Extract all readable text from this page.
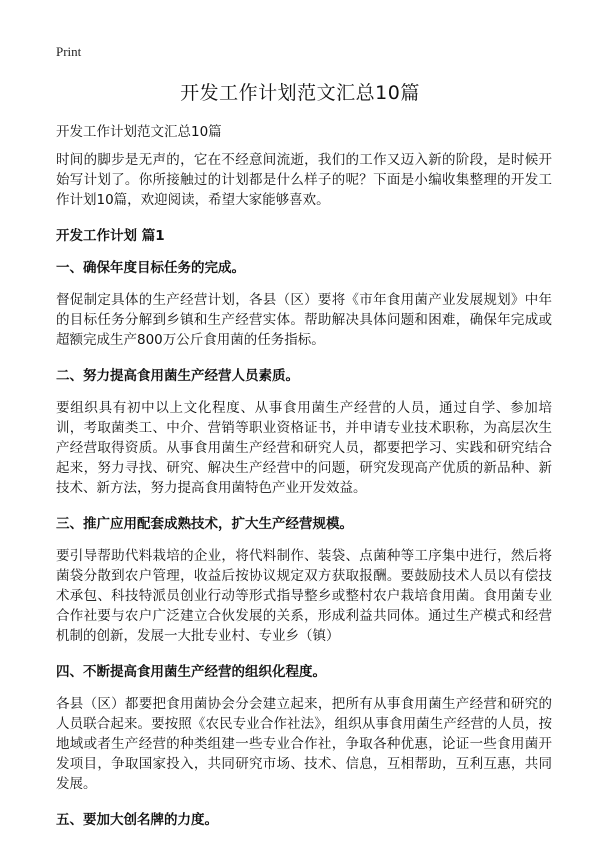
Print
开发工作计划范文汇总10篇

开发工作计划范文汇总10篇

时间的脚步是无声的，它在不经意间流逝，我们的工作又迈入新的阶段，是时候开始写计划了。你所接触过的计划都是什么样子的呢？下面是小编收集整理的开发工作计划10篇，欢迎阅读，希望大家能够喜欢。

开发工作计划 篇1

一、确保年度目标任务的完成。

督促制定具体的生产经营计划，各县（区）要将《市年食用菌产业发展规划》中年的目标任务分解到乡镇和生产经营实体。帮助解决具体问题和困难，确保年完成或超额完成生产800万公斤食用菌的任务指标。

二、努力提高食用菌生产经营人员素质。

要组织具有初中以上文化程度、从事食用菌生产经营的人员，通过自学、参加培训，考取菌类工、中介、营销等职业资格证书，并申请专业技术职称，为高层次生产经营取得资质。从事食用菌生产经营和研究人员，都要把学习、实践和研究结合起来，努力寻找、研究、解决生产经营中的问题，研究发现高产优质的新品种、新技术、新方法，努力提高食用菌特色产业开发效益。

三、推广应用配套成熟技术，扩大生产经营规模。

要引导帮助代料栽培的企业，将代料制作、装袋、点菌种等工序集中进行，然后将菌袋分散到农户管理，收益后按协议规定双方获取报酬。要鼓励技术人员以有偿技术承包、科技特派员创业行动等形式指导整乡或整村农户栽培食用菌。食用菌专业合作社要与农户广泛建立合伙发展的关系，形成利益共同体。通过生产模式和经营机制的创新，发展一大批专业村、专业乡（镇）

四、不断提高食用菌生产经营的组织化程度。

各县（区）都要把食用菌协会分会建立起来，把所有从事食用菌生产经营和研究的人员联合起来。要按照《农民专业合作社法》，组织从事食用菌生产经营的人员，按地域或者生产经营的种类组建一些专业合作社，争取各种优惠，论证一些食用菌开发项目，争取国家投入，共同研究市场、技术、信息，互相帮助，互利互惠，共同发展。

五、要加大创名牌的力度。
